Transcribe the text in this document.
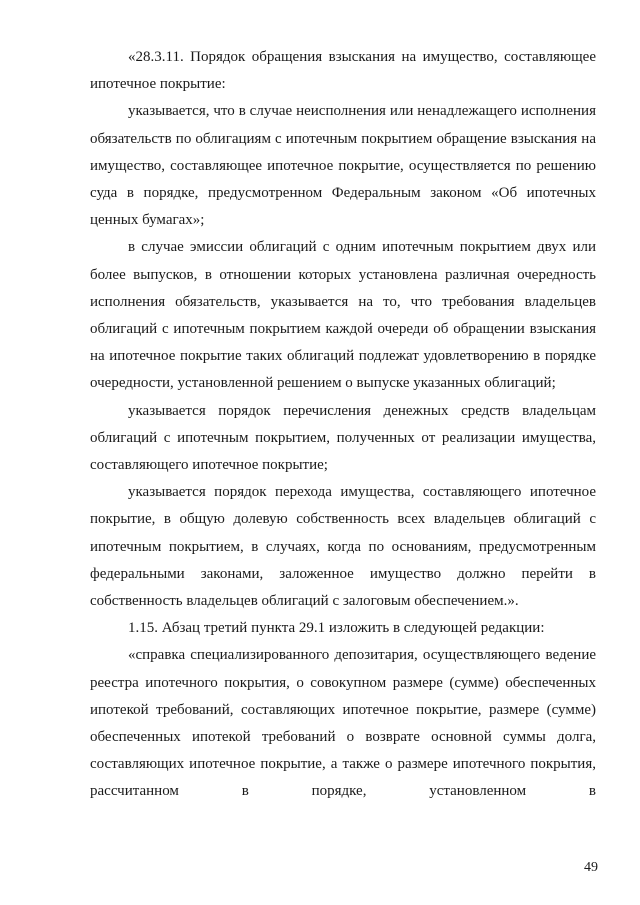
«28.3.11. Порядок обращения взыскания на имущество, составляющее ипотечное покрытие:

указывается, что в случае неисполнения или ненадлежащего исполнения обязательств по облигациям с ипотечным покрытием обращение взыскания на имущество, составляющее ипотечное покрытие, осуществляется по решению суда в порядке, предусмотренном Федеральным законом «Об ипотечных ценных бумагах»;

в случае эмиссии облигаций с одним ипотечным покрытием двух или более выпусков, в отношении которых установлена различная очередность исполнения обязательств, указывается на то, что требования владельцев облигаций с ипотечным покрытием каждой очереди об обращении взыскания на ипотечное покрытие таких облигаций подлежат удовлетворению в порядке очередности, установленной решением о выпуске указанных облигаций;

указывается порядок перечисления денежных средств владельцам облигаций с ипотечным покрытием, полученных от реализации имущества, составляющего ипотечное покрытие;

указывается порядок перехода имущества, составляющего ипотечное покрытие, в общую долевую собственность всех владельцев облигаций с ипотечным покрытием, в случаях, когда по основаниям, предусмотренным федеральными законами, заложенное имущество должно перейти в собственность владельцев облигаций с залоговым обеспечением.».

1.15. Абзац третий пункта 29.1 изложить в следующей редакции:

«справка специализированного депозитария, осуществляющего ведение реестра ипотечного покрытия, о совокупном размере (сумме) обеспеченных ипотекой требований, составляющих ипотечное покрытие, размере (сумме) обеспеченных ипотекой требований о возврате основной суммы долга, составляющих ипотечное покрытие, а также о размере ипотечного покрытия, рассчитанном в порядке, установленном в

49
